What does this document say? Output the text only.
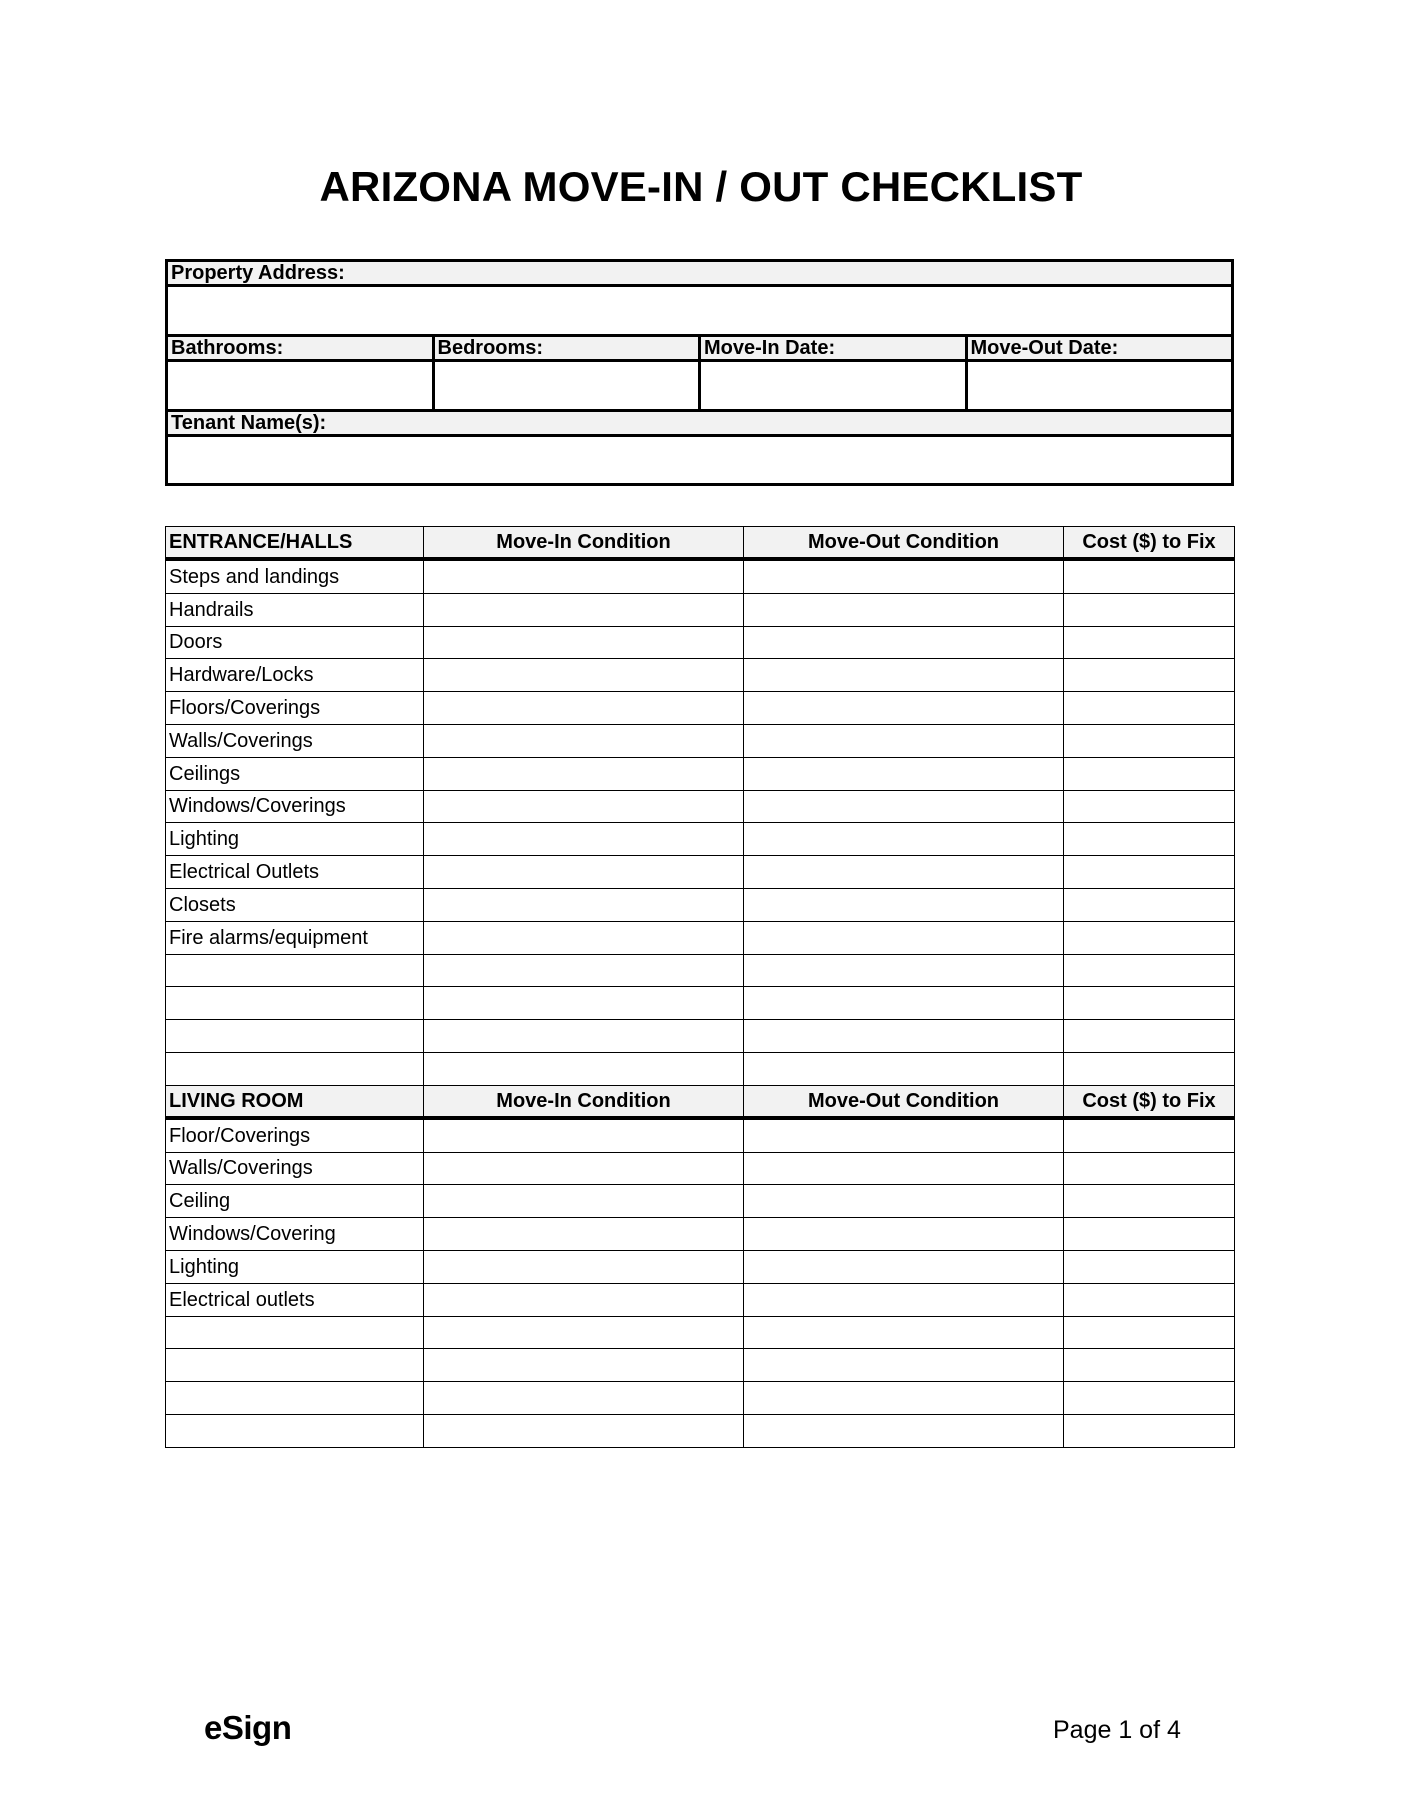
ARIZONA MOVE-IN / OUT CHECKLIST
Property Address:			

Bathrooms:	Bedrooms:	Move-In Date:	Move-Out Date:

Tenant Name(s):			

ENTRANCE/HALLS	Move-In Condition	Move-Out Condition	Cost ($) to Fix
Steps and landings			
Handrails			
Doors			
Hardware/Locks			
Floors/Coverings			
Walls/Coverings			
Ceilings			
Windows/Coverings			
Lighting			
Electrical Outlets			
Closets			
Fire alarms/equipment			

LIVING ROOM	Move-In Condition	Move-Out Condition	Cost ($) to Fix
Floor/Coverings			
Walls/Coverings			
Ceiling			
Windows/Covering			
Lighting			
Electrical outlets			

eSign	Page 1 of 4
